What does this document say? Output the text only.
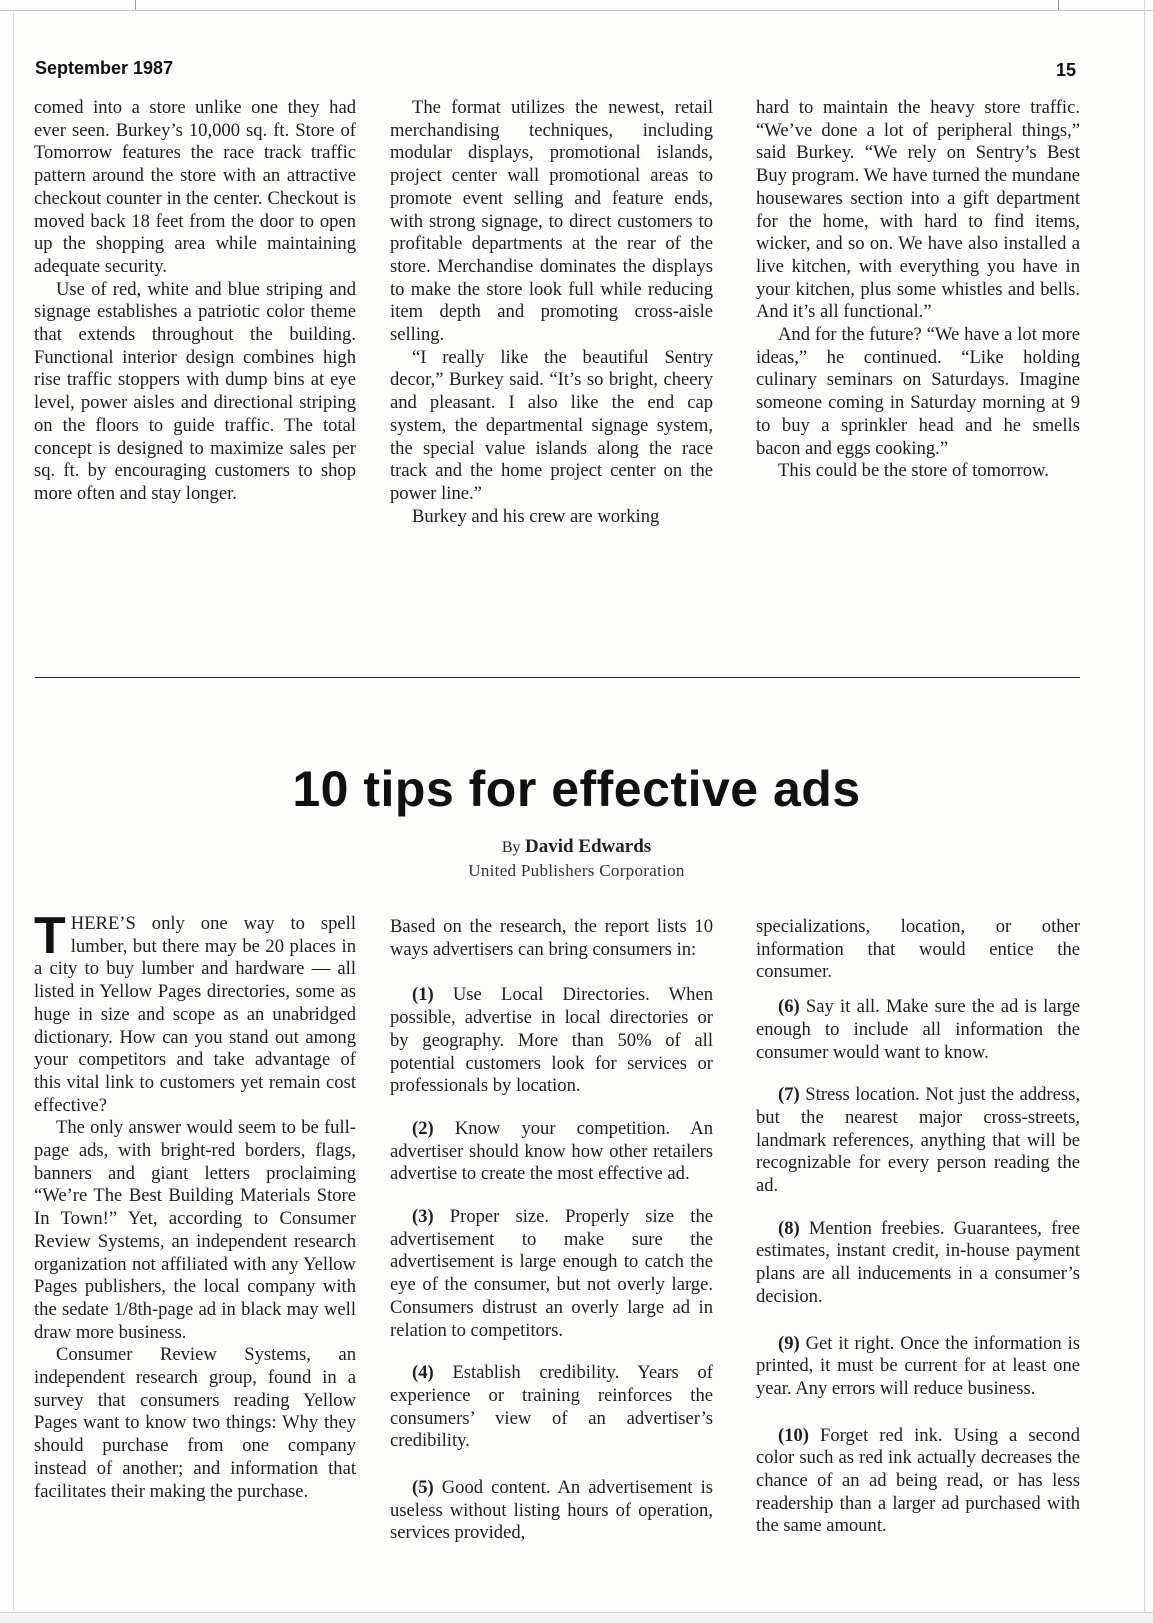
September 1987	15

comed into a store unlike one they had ever seen. Burkey’s 10,000 sq. ft. Store of Tomorrow features the race track traffic pattern around the store with an attractive checkout counter in the center. Checkout is moved back 18 feet from the door to open up the shopping area while maintaining adequate security.

Use of red, white and blue striping and signage establishes a patriotic color theme that extends throughout the building. Functional interior design combines high rise traffic stoppers with dump bins at eye level, power aisles and directional striping on the floors to guide traffic. The total concept is designed to maximize sales per sq. ft. by encouraging customers to shop more often and stay longer.

The format utilizes the newest, retail merchandising techniques, including modular displays, promotional islands, project center wall promotional areas to promote event selling and feature ends, with strong signage, to direct customers to profitable departments at the rear of the store. Merchandise dominates the displays to make the store look full while reducing item depth and promoting cross-aisle selling.

“I really like the beautiful Sentry decor,” Burkey said. “It’s so bright, cheery and pleasant. I also like the end cap system, the departmental signage system, the special value islands along the race track and the home project center on the power line.”

Burkey and his crew are working

hard to maintain the heavy store traffic. “We’ve done a lot of peripheral things,” said Burkey. “We rely on Sentry’s Best Buy program. We have turned the mundane housewares section into a gift department for the home, with hard to find items, wicker, and so on. We have also installed a live kitchen, with everything you have in your kitchen, plus some whistles and bells. And it’s all functional.”

And for the future? “We have a lot more ideas,” he continued. “Like holding culinary seminars on Saturdays. Imagine someone coming in Saturday morning at 9 to buy a sprinkler head and he smells bacon and eggs cooking.”

This could be the store of tomorrow.

10 tips for effective ads
By David Edwards
United Publishers Corporation

THERE’S only one way to spell lumber, but there may be 20 places in a city to buy lumber and hardware — all listed in Yellow Pages directories, some as huge in size and scope as an unabridged dictionary. How can you stand out among your competitors and take advantage of this vital link to customers yet remain cost effective?

The only answer would seem to be full-page ads, with bright-red borders, flags, banners and giant letters proclaiming “We’re The Best Building Materials Store In Town!” Yet, according to Consumer Review Systems, an independent research organization not affiliated with any Yellow Pages publishers, the local company with the sedate 1/8th-page ad in black may well draw more business.

Consumer Review Systems, an independent research group, found in a survey that consumers reading Yellow Pages want to know two things: Why they should purchase from one company instead of another; and information that facilitates their making the purchase.

Based on the research, the report lists 10 ways advertisers can bring consumers in:

(1) Use Local Directories. When possible, advertise in local directories or by geography. More than 50% of all potential customers look for services or professionals by location.

(2) Know your competition. An advertiser should know how other retailers advertise to create the most effective ad.

(3) Proper size. Properly size the advertisement to make sure the advertisement is large enough to catch the eye of the consumer, but not overly large. Consumers distrust an overly large ad in relation to competitors.

(4) Establish credibility. Years of experience or training reinforces the consumers’ view of an advertiser’s credibility.

(5) Good content. An advertisement is useless without listing hours of operation, services provided,

specializations, location, or other information that would entice the consumer.

(6) Say it all. Make sure the ad is large enough to include all information the consumer would want to know.

(7) Stress location. Not just the address, but the nearest major cross-streets, landmark references, anything that will be recognizable for every person reading the ad.

(8) Mention freebies. Guarantees, free estimates, instant credit, in-house payment plans are all inducements in a consumer’s decision.

(9) Get it right. Once the information is printed, it must be current for at least one year. Any errors will reduce business.

(10) Forget red ink. Using a second color such as red ink actually decreases the chance of an ad being read, or has less readership than a larger ad purchased with the same amount.
